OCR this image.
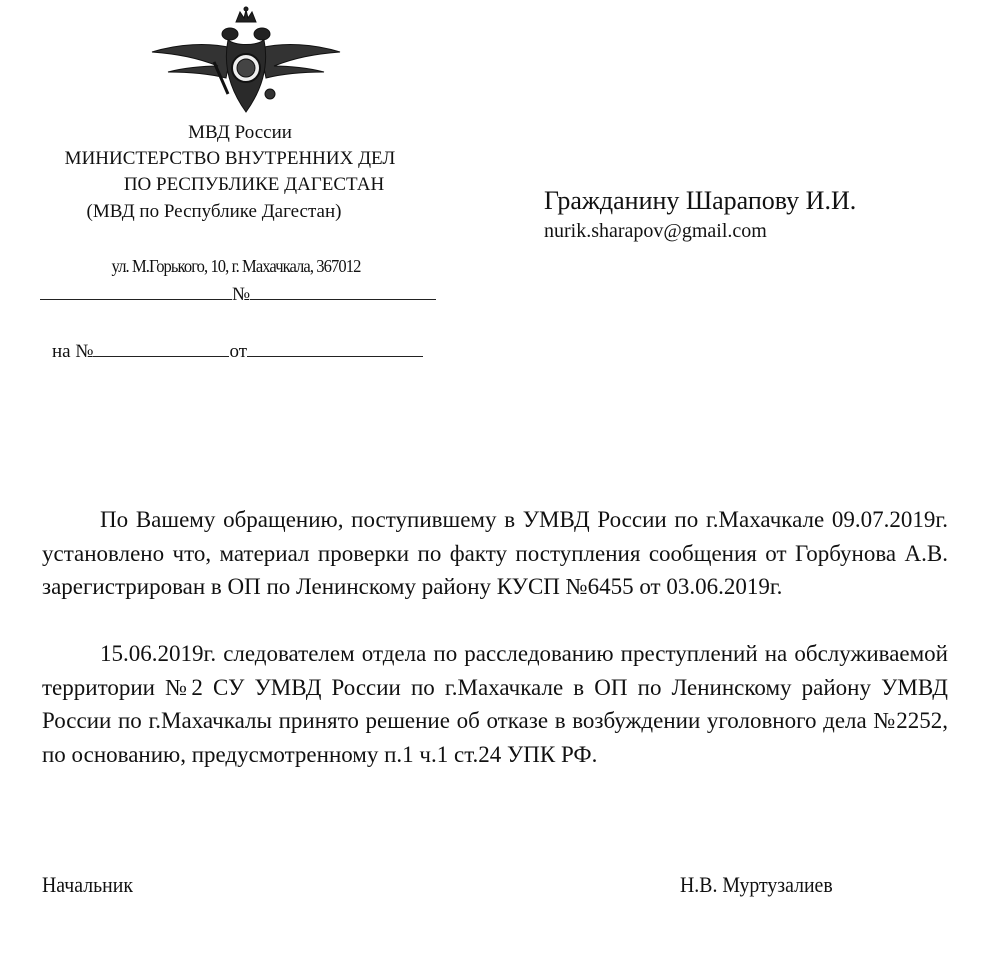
МВД России
МИНИСТЕРСТВО ВНУТРЕННИХ ДЕЛ
ПО РЕСПУБЛИКЕ ДАГЕСТАН
(МВД по Республике Дагестан)
ул. М.Горького, 10, г. Махачкала, 367012
№
на №	от
Гражданину Шарапову И.И.
nurik.sharapov@gmail.com
По Вашему обращению, поступившему в УМВД России по г.Махачкале 09.07.2019г. установлено что, материал проверки по факту поступления сообщения от Горбунова А.В. зарегистрирован в ОП по Ленинскому району КУСП №6455 от 03.06.2019г.
15.06.2019г. следователем отдела по расследованию преступлений на обслуживаемой территории №2 СУ УМВД России по г.Махачкале в ОП по Ленинскому району УМВД России по г.Махачкалы принято решение об отказе в возбуждении уголовного дела №2252, по основанию, предусмотренному п.1 ч.1 ст.24 УПК РФ.
Начальник	Н.В. Муртузалиев
